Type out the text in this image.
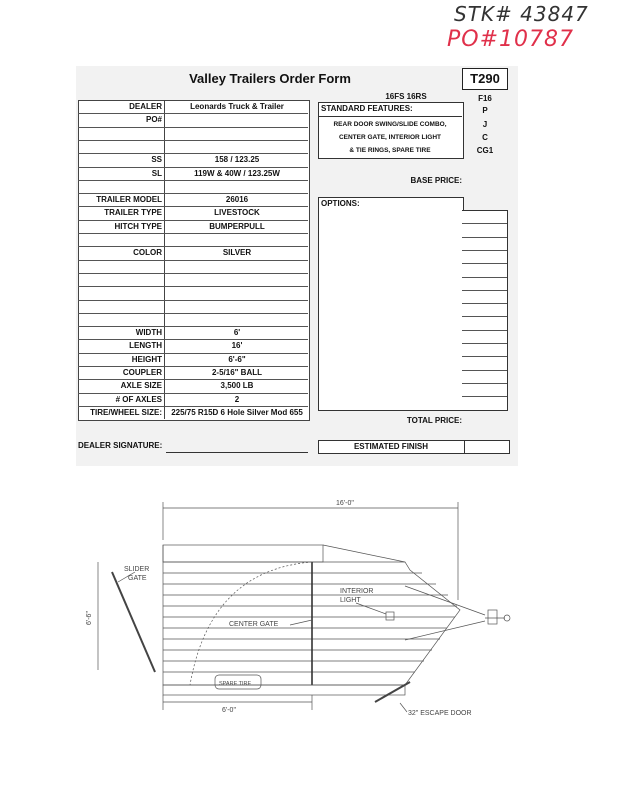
STK# 43847
PO#10787
Valley Trailers Order Form	T290
DEALER	Leonards Truck & Trailer
PO#
SS	158 / 123.25
SL	119W & 40W / 123.25W
TRAILER MODEL	26016
TRAILER TYPE	LIVESTOCK
HITCH TYPE	BUMPERPULL
COLOR	SILVER
WIDTH	6'
LENGTH	16'
HEIGHT	6'-6"
COUPLER	2-5/16" BALL
AXLE SIZE	3,500 LB
# OF AXLES	2
TIRE/WHEEL SIZE:	225/75 R15D 6 Hole Silver Mod 655
16FS 16RS	F16
STANDARD FEATURES:
REAR DOOR SWING/SLIDE COMBO,
CENTER GATE, INTERIOR LIGHT
& TIE RINGS, SPARE TIRE
P
J
C
CG1
BASE PRICE:
OPTIONS:
TOTAL PRICE:
DEALER SIGNATURE:	ESTIMATED FINISH
16'-0"
6'-6"
SLIDER
GATE
INTERIOR
LIGHT
CENTER GATE
SPARE TIRE
32" ESCAPE DOOR
6'-0"
